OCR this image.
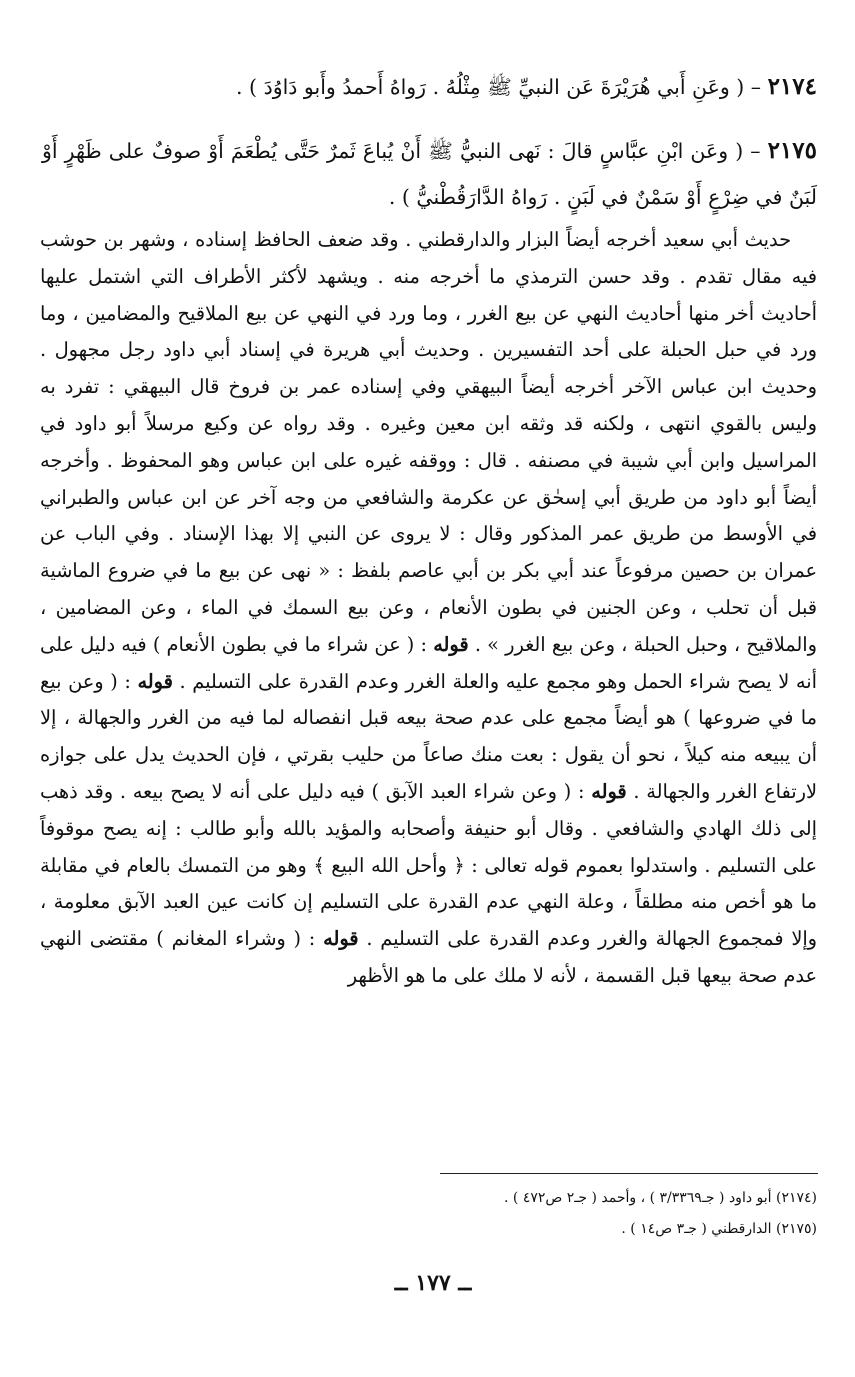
٢١٧٤ – ( وعَنِ أَبي هُرَيْرَةَ عَن النبيِّ ﷺ مِثْلُهُ . رَواهُ أَحمدُ وأَبو دَاوُدَ ) .
٢١٧٥ – ( وعَن ابْنِ عبَّاسٍ قالَ : نَهى النبيُّ ﷺ أَنْ يُباعَ ثَمرٌ حَتَّى يُطْعَمَ أَوْ صوفٌ على ظَهْرٍ أَوْ لَبَنٌ في ضِرْعٍ أَوْ سَمْنٌ في لَبَنٍ . رَواهُ الدَّارَقُطْنيُّ ) .

حديث أبي سعيد أخرجه أيضاً البزار والدارقطني . وقد ضعف الحافظ إسناده ، وشهر بن حوشب فيه مقال تقدم . وقد حسن الترمذي ما أخرجه منه . ويشهد لأكثر الأطراف التي اشتمل عليها أحاديث أخر منها أحاديث النهي عن بيع الغرر ، وما ورد في النهي عن بيع الملاقيح والمضامين ، وما ورد في حبل الحبلة على أحد التفسيرين . وحديث أبي هريرة في إسناد أبي داود رجل مجهول . وحديث ابن عباس الآخر أخرجه أيضاً البيهقي وفي إسناده عمر بن فروخ قال البيهقي : تفرد به وليس بالقوي انتهى ، ولكنه قد وثقه ابن معين وغيره . وقد رواه عن وكيع مرسلاً أبو داود في المراسيل وابن أبي شيبة في مصنفه . قال : ووقفه غيره على ابن عباس وهو المحفوظ . وأخرجه أيضاً أبو داود من طريق أبي إسحٰق عن عكرمة والشافعي من وجه آخر عن ابن عباس والطبراني في الأوسط من طريق عمر المذكور وقال : لا يروى عن النبي إلا بهذا الإسناد . وفي الباب عن عمران بن حصين مرفوعاً عند أبي بكر بن أبي عاصم بلفظ : « نهى عن بيع ما في ضروع الماشية قبل أن تحلب ، وعن الجنين في بطون الأنعام ، وعن بيع السمك في الماء ، وعن المضامين ، والملاقيح ، وحبل الحبلة ، وعن بيع الغرر » . قوله : ( عن شراء ما في بطون الأنعام ) فيه دليل على أنه لا يصح شراء الحمل وهو مجمع عليه والعلة الغرر وعدم القدرة على التسليم . قوله : ( وعن بيع ما في ضروعها ) هو أيضاً مجمع على عدم صحة بيعه قبل انفصاله لما فيه من الغرر والجهالة ، إلا أن يبيعه منه كيلاً ، نحو أن يقول : بعت منك صاعاً من حليب بقرتي ، فإن الحديث يدل على جوازه لارتفاع الغرر والجهالة . قوله : ( وعن شراء العبد الآبق ) فيه دليل على أنه لا يصح بيعه . وقد ذهب إلى ذلك الهادي والشافعي . وقال أبو حنيفة وأصحابه والمؤيد بالله وأبو طالب : إنه يصح موقوفاً على التسليم . واستدلوا بعموم قوله تعالى : ﴿ وأحل الله البيع ﴾ وهو من التمسك بالعام في مقابلة ما هو أخص منه مطلقاً ، وعلة النهي عدم القدرة على التسليم إن كانت عين العبد الآبق معلومة ، وإلا فمجموع الجهالة والغرر وعدم القدرة على التسليم . قوله : ( وشراء المغانم ) مقتضى النهي عدم صحة بيعها قبل القسمة ، لأنه لا ملك على ما هو الأظهر

(٢١٧٤) أبو داود ( جـ٣/٣٣٦٩ ) ، وأحمد ( جـ٢ ص٤٧٢ ) .
(٢١٧٥) الدارقطني ( جـ٣ ص١٤ ) .
ــ ١٧٧ ــ
